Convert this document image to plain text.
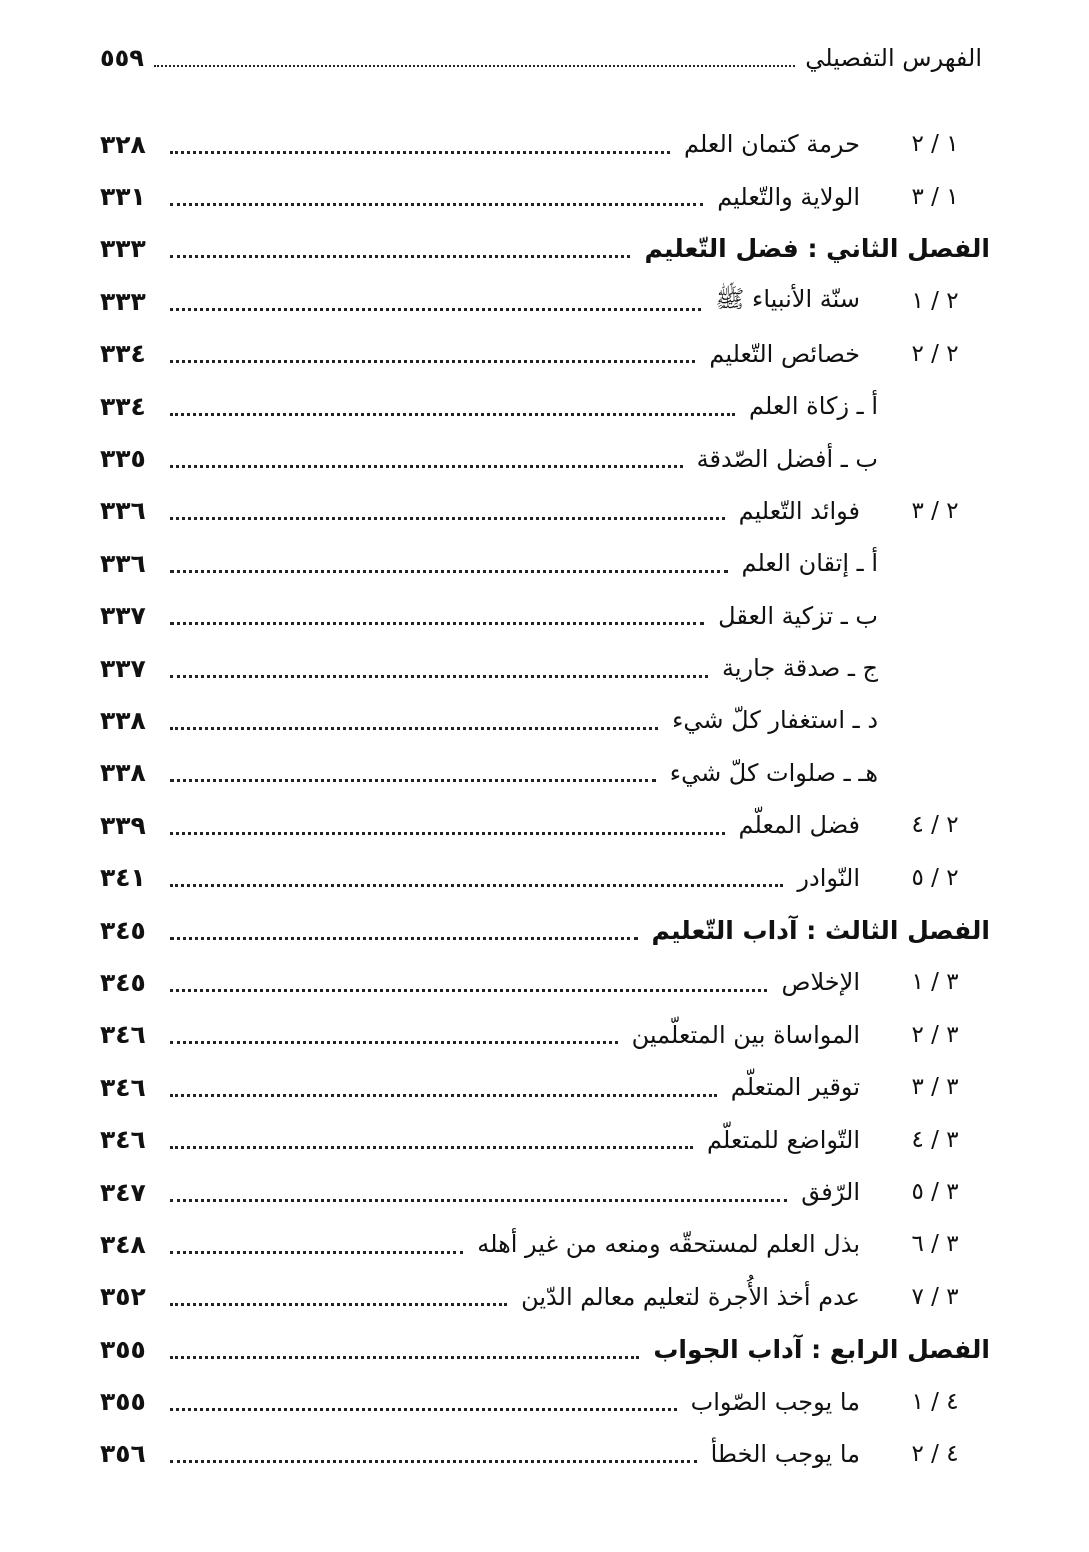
الفهرس التفصيلي
٥٥٩
١ / ٢
حرمة كتمان العلم
٣٢٨
١ / ٣
الولاية والتّعليم
٣٣١
الفصل الثاني : فضل التّعليم
٣٣٣
٢ / ١
سنّة الأنبياء ﷺ
٣٣٣
٢ / ٢
خصائص التّعليم
٣٣٤
أ ـ زكاة العلم
٣٣٤
ب ـ أفضل الصّدقة
٣٣٥
٢ / ٣
فوائد التّعليم
٣٣٦
أ ـ إتقان العلم
٣٣٦
ب ـ تزكية العقل
٣٣٧
ج ـ صدقة جارية
٣٣٧
د ـ استغفار كلّ شيء
٣٣٨
هـ ـ صلوات كلّ شيء
٣٣٨
٢ / ٤
فضل المعلّم
٣٣٩
٢ / ٥
النّوادر
٣٤١
الفصل الثالث : آداب التّعليم
٣٤٥
٣ / ١
الإخلاص
٣٤٥
٣ / ٢
المواساة بين المتعلّمين
٣٤٦
٣ / ٣
توقير المتعلّم
٣٤٦
٣ / ٤
التّواضع للمتعلّم
٣٤٦
٣ / ٥
الرّفق
٣٤٧
٣ / ٦
بذل العلم لمستحقّه ومنعه من غير أهله
٣٤٨
٣ / ٧
عدم أخذ الأُجرة لتعليم معالم الدّين
٣٥٢
الفصل الرابع : آداب الجواب
٣٥٥
٤ / ١
ما يوجب الصّواب
٣٥٥
٤ / ٢
ما يوجب الخطأ
٣٥٦
